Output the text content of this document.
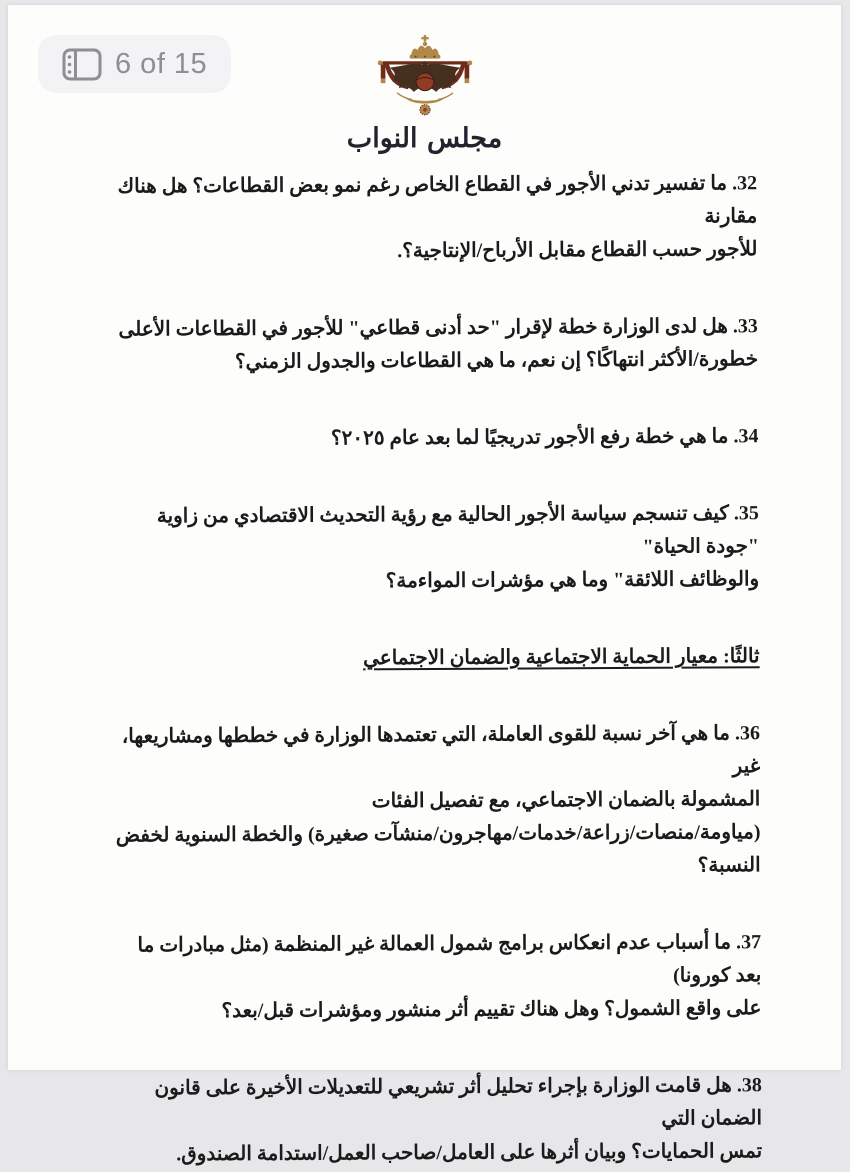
6 of 15
مجلس النواب

32. ما تفسير تدني الأجور في القطاع الخاص رغم نمو بعض القطاعات؟ هل هناك مقارنة
للأجور حسب القطاع مقابل الأرباح/الإنتاجية؟.

33. هل لدى الوزارة خطة لإقرار "حد أدنى قطاعي" للأجور في القطاعات الأعلى
خطورة/الأكثر انتهاكًا؟ إن نعم، ما هي القطاعات والجدول الزمني؟

34. ما هي خطة رفع الأجور تدريجيًا لما بعد عام ٢٠٢٥؟

35. كيف تنسجم سياسة الأجور الحالية مع رؤية التحديث الاقتصادي من زاوية "جودة الحياة"
والوظائف اللائقة" وما هي مؤشرات المواءمة؟

ثالثًا: معيار الحماية الاجتماعية والضمان الاجتماعي

36. ما هي آخر نسبة للقوى العاملة، التي تعتمدها الوزارة في خططها ومشاريعها، غير
المشمولة بالضمان الاجتماعي، مع تفصيل الفئات
(مياومة/منصات/زراعة/خدمات/مهاجرون/منشآت صغيرة) والخطة السنوية لخفض النسبة؟

37. ما أسباب عدم انعكاس برامج شمول العمالة غير المنظمة (مثل مبادرات ما بعد كورونا)
على واقع الشمول؟ وهل هناك تقييم أثر منشور ومؤشرات قبل/بعد؟

38. هل قامت الوزارة بإجراء تحليل أثر تشريعي للتعديلات الأخيرة على قانون الضمان التي
تمس الحمايات؟ وبيان أثرها على العامل/صاحب العمل/استدامة الصندوق.
